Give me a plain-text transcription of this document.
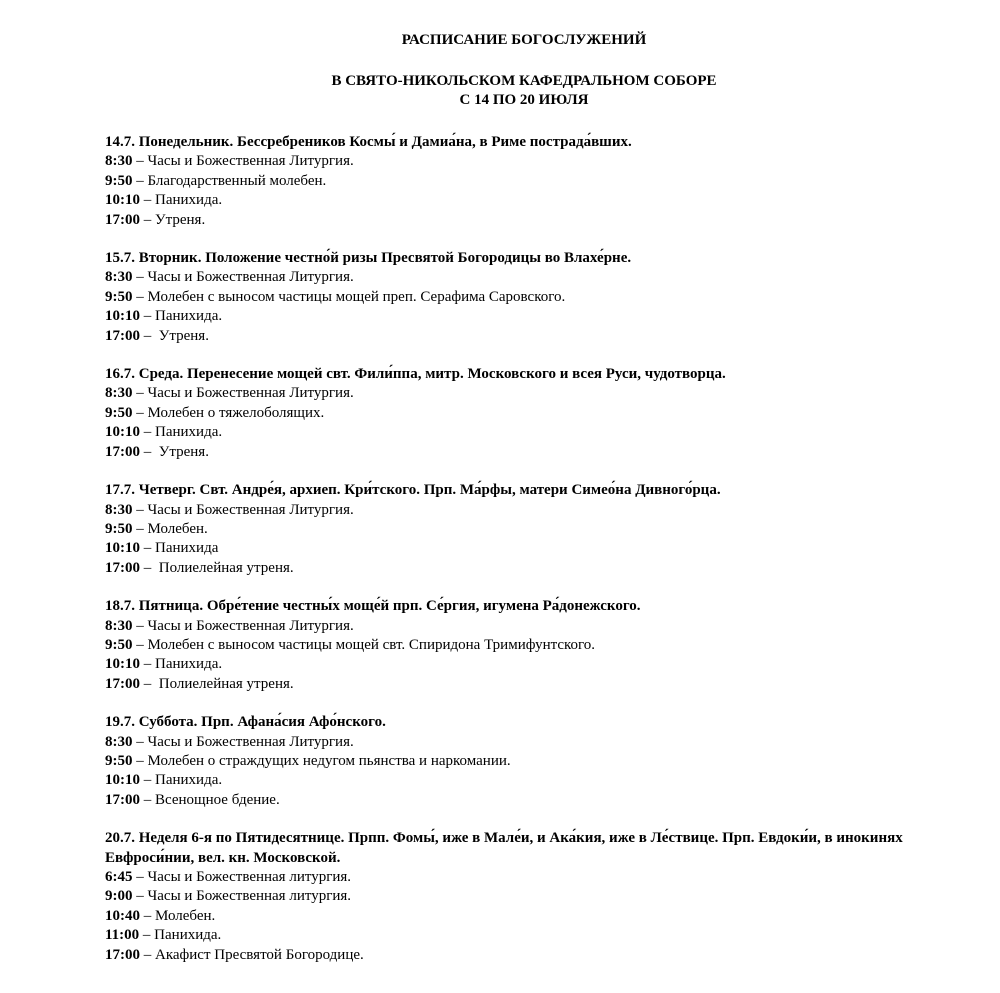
РАСПИСАНИЕ БОГОСЛУЖЕНИЙ

В СВЯТО-НИКОЛЬСКОМ КАФЕДРАЛЬНОМ СОБОРЕ

С 14 ПО 20 ИЮЛЯ

14.7. Понедельник. Бессребреников Космы́ и Дамиа́на, в Риме пострада́вших.

8:30 – Часы и Божественная Литургия.

9:50 – Благодарственный молебен.

10:10 – Панихида.

17:00 – Утреня.

15.7. Вторник. Положение честно́й ризы Пресвятой Богородицы во Влахе́рне.

8:30 – Часы и Божественная Литургия.

9:50 – Молебен с выносом частицы мощей преп. Серафима Саровского.

10:10 – Панихида.

17:00 –  Утреня.

16.7. Среда. Перенесение мощей свт. Фили́ппа, митр. Московского и всея Руси, чудотворца.

8:30 – Часы и Божественная Литургия.

9:50 – Молебен о тяжелоболящих.

10:10 – Панихида.

17:00 –  Утреня.

17.7. Четверг. Свт. Андре́я, архиеп. Кри́тского. Прп. Ма́рфы, матери Симео́на Дивного́рца.

8:30 – Часы и Божественная Литургия.

9:50 – Молебен.

10:10 – Панихида

17:00 –  Полиелейная утреня.

18.7. Пятница. Обре́тение честны́х моще́й прп. Се́ргия, игумена Ра́донежского.

8:30 – Часы и Божественная Литургия.

9:50 – Молебен с выносом частицы мощей свт. Спиридона Тримифунтского.

10:10 – Панихида.

17:00 –  Полиелейная утреня.

19.7. Суббота. Прп. Афана́сия Афо́нского.

8:30 – Часы и Божественная Литургия.

9:50 – Молебен о страждущих недугом пьянства и наркомании.

10:10 – Панихида.

17:00 – Всенощное бдение.

20.7. Неделя 6-я по Пятидесятнице. Прпп. Фомы́, иже в Мале́и, и Ака́кия, иже в Ле́ствице. Прп. Евдоки́и, в инокинях Евфроси́нии, вел. кн. Московской.

6:45 – Часы и Божественная литургия.

9:00 – Часы и Божественная литургия.

10:40 – Молебен.

11:00 – Панихида.

17:00 – Акафист Пресвятой Богородице.
